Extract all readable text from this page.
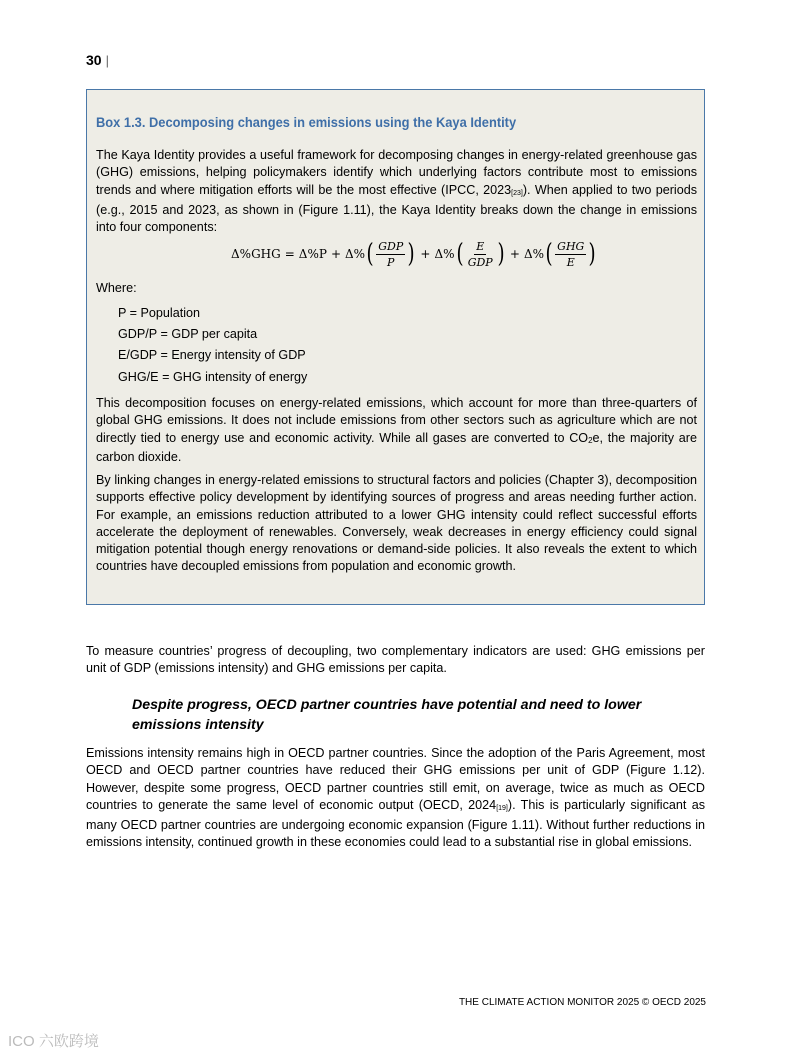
30 |
Box 1.3. Decomposing changes in emissions using the Kaya Identity

The Kaya Identity provides a useful framework for decomposing changes in energy-related greenhouse gas (GHG) emissions, helping policymakers identify which underlying factors contribute most to emissions trends and where mitigation efforts will be the most effective (IPCC, $2023_{[23]}$). When applied to two periods (e.g., 2015 and 2023, as shown in (Figure 1.11), the Kaya Identity breaks down the change in emissions into four components:

Δ%GHG = Δ%P + Δ% ( $\frac{\text{GDP}}{P}$ ) + Δ% ( $\frac{E}{\text{GDP}}$ ) + Δ% ( $\frac{\text{GHG}}{E}$ )

Where:

P = Population
GDP/P = GDP per capita
E/GDP = Energy intensity of GDP
GHG/E = GHG intensity of energy

This decomposition focuses on energy-related emissions, which account for more than three-quarters of global GHG emissions. It does not include emissions from other sectors such as agriculture which are not directly tied to energy use and economic activity. While all gases are converted to $CO_2e$, the majority are carbon dioxide.

By linking changes in energy-related emissions to structural factors and policies (Chapter 3), decomposition supports effective policy development by identifying sources of progress and areas needing further action. For example, an emissions reduction attributed to a lower GHG intensity could reflect successful efforts accelerate the deployment of renewables. Conversely, weak decreases in energy efficiency could signal mitigation potential though energy renovations or demand-side policies. It also reveals the extent to which countries have decoupled emissions from population and economic growth.

To measure countries’ progress of decoupling, two complementary indicators are used: GHG emissions per unit of GDP (emissions intensity) and GHG emissions per capita.

Despite progress, OECD partner countries have potential and need to lower emissions intensity

Emissions intensity remains high in OECD partner countries. Since the adoption of the Paris Agreement, most OECD and OECD partner countries have reduced their GHG emissions per unit of GDP (Figure 1.12). However, despite some progress, OECD partner countries still emit, on average, twice as much as OECD countries to generate the same level of economic output (OECD, $2024_{[19]}$). This is particularly significant as many OECD partner countries are undergoing economic expansion (Figure 1.11). Without further reductions in emissions intensity, continued growth in these economies could lead to a substantial rise in global emissions.

THE CLIMATE ACTION MONITOR 2025 © OECD 2025
ICO 六欧跨境
